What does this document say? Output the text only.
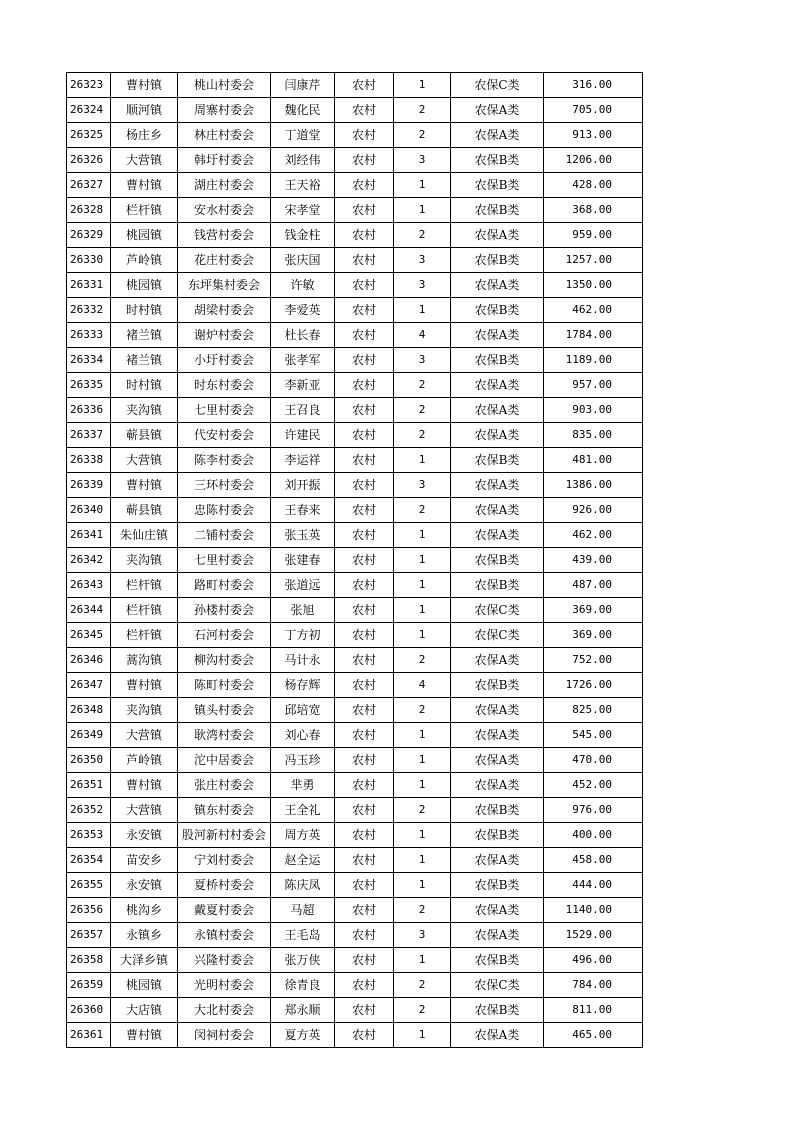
26323	曹村镇	桃山村委会	闫康芹	农村	1	农保C类	316.00
26324	顺河镇	周寨村委会	魏化民	农村	2	农保A类	705.00
26325	杨庄乡	林庄村委会	丁道堂	农村	2	农保A类	913.00
26326	大营镇	韩圩村委会	刘经伟	农村	3	农保B类	1206.00
26327	曹村镇	湖庄村委会	王天裕	农村	1	农保B类	428.00
26328	栏杆镇	安水村委会	宋孝堂	农村	1	农保B类	368.00
26329	桃园镇	钱营村委会	钱金柱	农村	2	农保A类	959.00
26330	芦岭镇	花庄村委会	张庆国	农村	3	农保B类	1257.00
26331	桃园镇	东坪集村委会	许敏	农村	3	农保A类	1350.00
26332	时村镇	胡梁村委会	李爱英	农村	1	农保B类	462.00
26333	褚兰镇	谢炉村委会	杜长春	农村	4	农保A类	1784.00
26334	褚兰镇	小圩村委会	张孝军	农村	3	农保B类	1189.00
26335	时村镇	时东村委会	李新亚	农村	2	农保A类	957.00
26336	夹沟镇	七里村委会	王召良	农村	2	农保A类	903.00
26337	蕲县镇	代安村委会	许建民	农村	2	农保A类	835.00
26338	大营镇	陈李村委会	李运祥	农村	1	农保B类	481.00
26339	曹村镇	三环村委会	刘开振	农村	3	农保A类	1386.00
26340	蕲县镇	忠陈村委会	王春来	农村	2	农保A类	926.00
26341	朱仙庄镇	二铺村委会	张玉英	农村	1	农保A类	462.00
26342	夹沟镇	七里村委会	张建春	农村	1	农保B类	439.00
26343	栏杆镇	路町村委会	张道远	农村	1	农保B类	487.00
26344	栏杆镇	孙楼村委会	张旭	农村	1	农保C类	369.00
26345	栏杆镇	石河村委会	丁方初	农村	1	农保C类	369.00
26346	蒿沟镇	柳沟村委会	马计永	农村	2	农保A类	752.00
26347	曹村镇	陈町村委会	杨存辉	农村	4	农保B类	1726.00
26348	夹沟镇	镇头村委会	邱培宽	农村	2	农保A类	825.00
26349	大营镇	耿湾村委会	刘心春	农村	1	农保A类	545.00
26350	芦岭镇	沱中居委会	冯玉珍	农村	1	农保A类	470.00
26351	曹村镇	张庄村委会	芈勇	农村	1	农保A类	452.00
26352	大营镇	镇东村委会	王全礼	农村	2	农保B类	976.00
26353	永安镇	股河新村村委会	周方英	农村	1	农保B类	400.00
26354	苗安乡	宁刘村委会	赵全运	农村	1	农保A类	458.00
26355	永安镇	夏桥村委会	陈庆凤	农村	1	农保B类	444.00
26356	桃沟乡	戴夏村委会	马超	农村	2	农保A类	1140.00
26357	永镇乡	永镇村委会	王毛岛	农村	3	农保A类	1529.00
26358	大泽乡镇	兴隆村委会	张万侠	农村	1	农保B类	496.00
26359	桃园镇	光明村委会	徐青良	农村	2	农保C类	784.00
26360	大店镇	大北村委会	郑永顺	农村	2	农保B类	811.00
26361	曹村镇	闵祠村委会	夏方英	农村	1	农保A类	465.00
